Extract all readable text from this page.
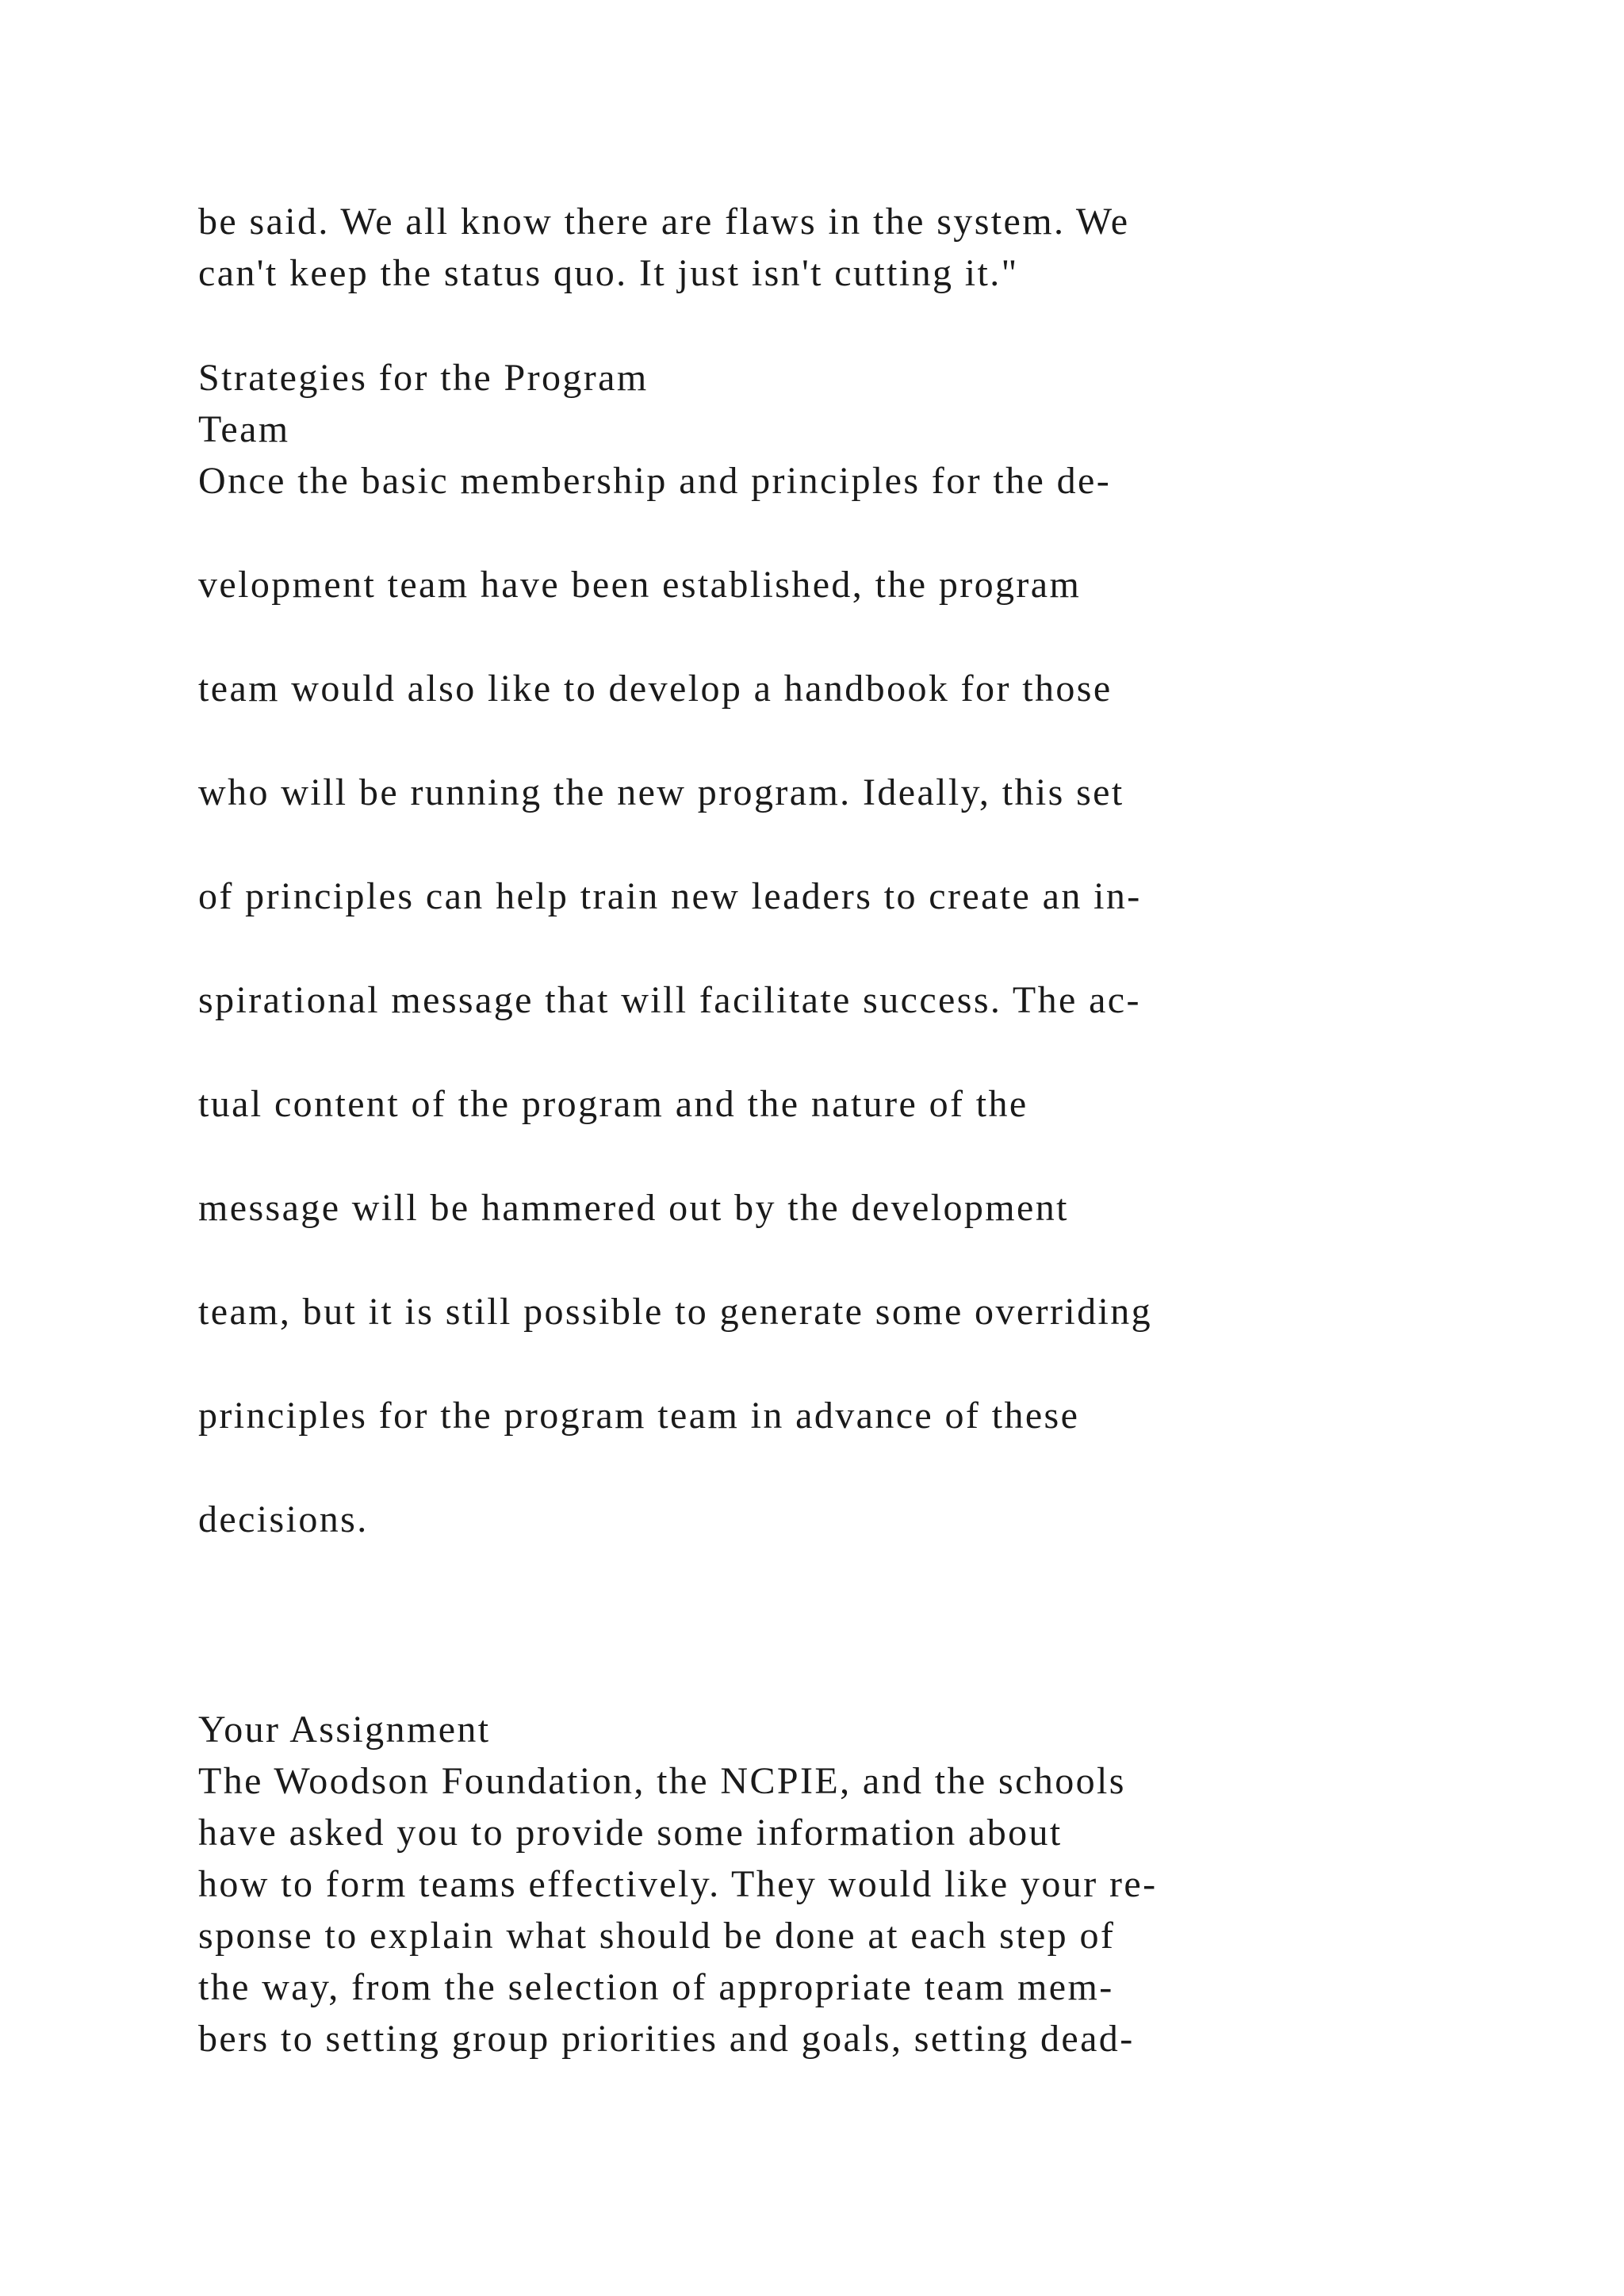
be said. We all know there are flaws in the system. We

can't keep the status quo. It just isn't cutting it."

Strategies for the Program

Team

Once the basic membership and principles for the de-

velopment team have been established, the program

team would also like to develop a handbook for those

who will be running the new program. Ideally, this set

of principles can help train new leaders to create an in-

spirational message that will facilitate success. The ac-

tual content of the program and the nature of the

message will be hammered out by the development

team, but it is still possible to generate some overriding

principles for the program team in advance of these

decisions.

Your Assignment

The Woodson Foundation, the NCPIE, and the schools

have asked you to provide some information about

how to form teams effectively. They would like your re-

sponse to explain what should be done at each step of

the way, from the selection of appropriate team mem-

bers to setting group priorities and goals, setting dead-
